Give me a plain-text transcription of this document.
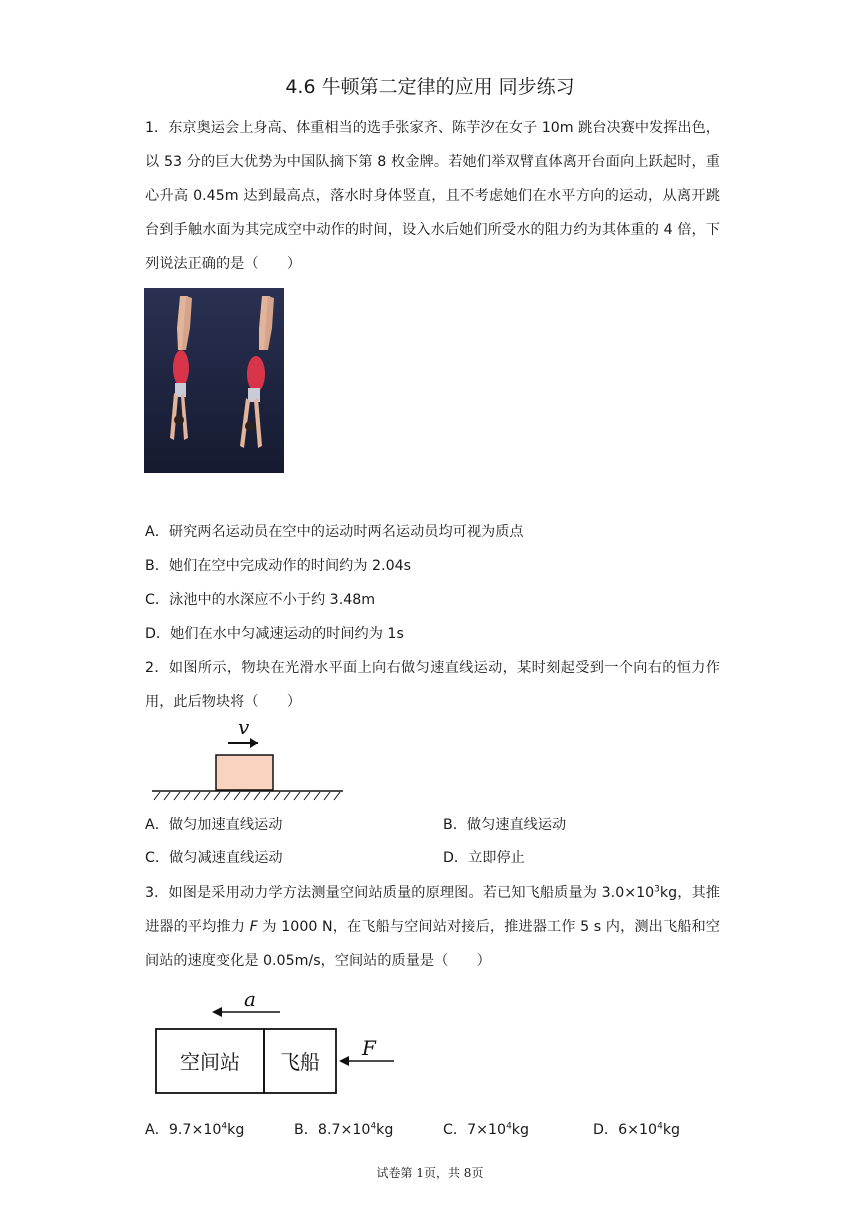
4.6 牛顿第二定律的应用 同步练习
1．东京奥运会上身高、体重相当的选手张家齐、陈芋汐在女子 10m 跳台决赛中发挥出色，以 53 分的巨大优势为中国队摘下第 8 枚金牌。若她们举双臂直体离开台面向上跃起时，重心升高 0.45m 达到最高点，落水时身体竖直，且不考虑她们在水平方向的运动，从离开跳台到手触水面为其完成空中动作的时间，设入水后她们所受水的阻力约为其体重的 4 倍，下列说法正确的是（　　）
A．研究两名运动员在空中的运动时两名运动员均可视为质点
B．她们在空中完成动作的时间约为 2.04s
C．泳池中的水深应不小于约 3.48m
D．她们在水中匀减速运动的时间约为 1s
2．如图所示，物块在光滑水平面上向右做匀速直线运动，某时刻起受到一个向右的恒力作用，此后物块将（　　）
v
A．做匀加速直线运动	B．做匀速直线运动
C．做匀减速直线运动	D．立即停止
3．如图是采用动力学方法测量空间站质量的原理图。若已知飞船质量为 $3.0\times 10^3kg$，其推进器的平均推力 F 为 1000 N，在飞船与空间站对接后，推进器工作 5 s 内，测出飞船和空间站的速度变化是 0.05m/s，空间站的质量是（　　）
a
空间站 飞船
F
A．$9.7\times 10^4kg$	B．$8.7\times 10^4kg$	C．$7\times 10^4kg$	D．$6\times 10^4kg$
试卷第 1页，共 8页
